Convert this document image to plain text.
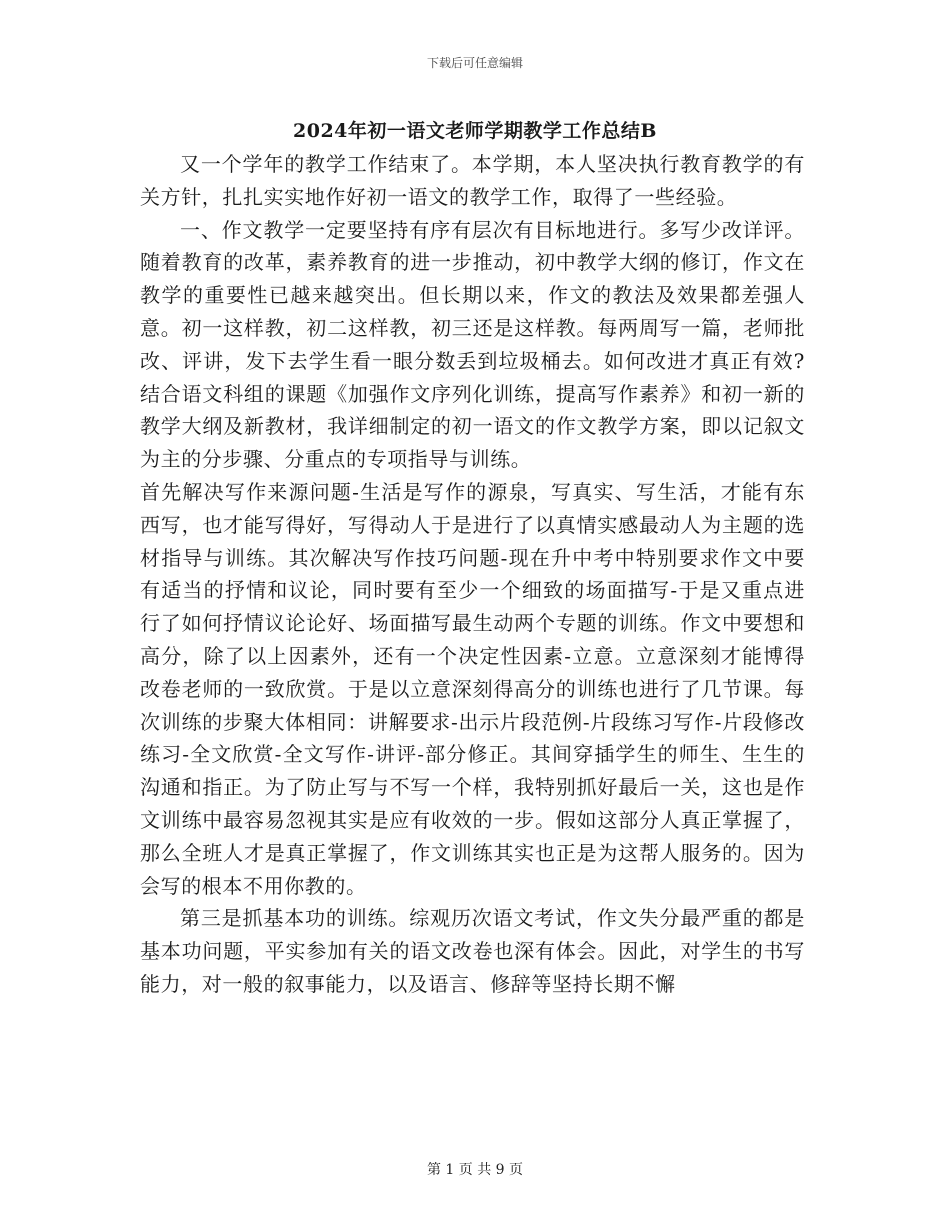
下载后可任意编辑
2024年初一语文老师学期教学工作总结B

又一个学年的教学工作结束了。本学期，本人坚决执行教育教学的有关方针，扎扎实实地作好初一语文的教学工作，取得了一些经验。

一、作文教学一定要坚持有序有层次有目标地进行。多写少改详评。随着教育的改革，素养教育的进一步推动，初中教学大纲的修订，作文在教学的重要性已越来越突出。但长期以来，作文的教法及效果都差强人意。初一这样教，初二这样教，初三还是这样教。每两周写一篇，老师批改、评讲，发下去学生看一眼分数丢到垃圾桶去。如何改进才真正有效?结合语文科组的课题《加强作文序列化训练，提高写作素养》和初一新的教学大纲及新教材，我详细制定的初一语文的作文教学方案，即以记叙文为主的分步骤、分重点的专项指导与训练。

首先解决写作来源问题-生活是写作的源泉，写真实、写生活，才能有东西写，也才能写得好，写得动人于是进行了以真情实感最动人为主题的选材指导与训练。其次解决写作技巧问题-现在升中考中特别要求作文中要有适当的抒情和议论，同时要有至少一个细致的场面描写-于是又重点进行了如何抒情议论论好、场面描写最生动两个专题的训练。作文中要想和高分，除了以上因素外，还有一个决定性因素-立意。立意深刻才能博得改卷老师的一致欣赏。于是以立意深刻得高分的训练也进行了几节课。每次训练的步聚大体相同：讲解要求-出示片段范例-片段练习写作-片段修改练习-全文欣赏-全文写作-讲评-部分修正。其间穿插学生的师生、生生的沟通和指正。为了防止写与不写一个样，我特别抓好最后一关，这也是作文训练中最容易忽视其实是应有收效的一步。假如这部分人真正掌握了，那么全班人才是真正掌握了，作文训练其实也正是为这帮人服务的。因为会写的根本不用你教的。

第三是抓基本功的训练。综观历次语文考试，作文失分最严重的都是基本功问题，平实参加有关的语文改卷也深有体会。因此，对学生的书写能力，对一般的叙事能力，以及语言、修辞等坚持长期不懈

第 1 页 共 9 页
